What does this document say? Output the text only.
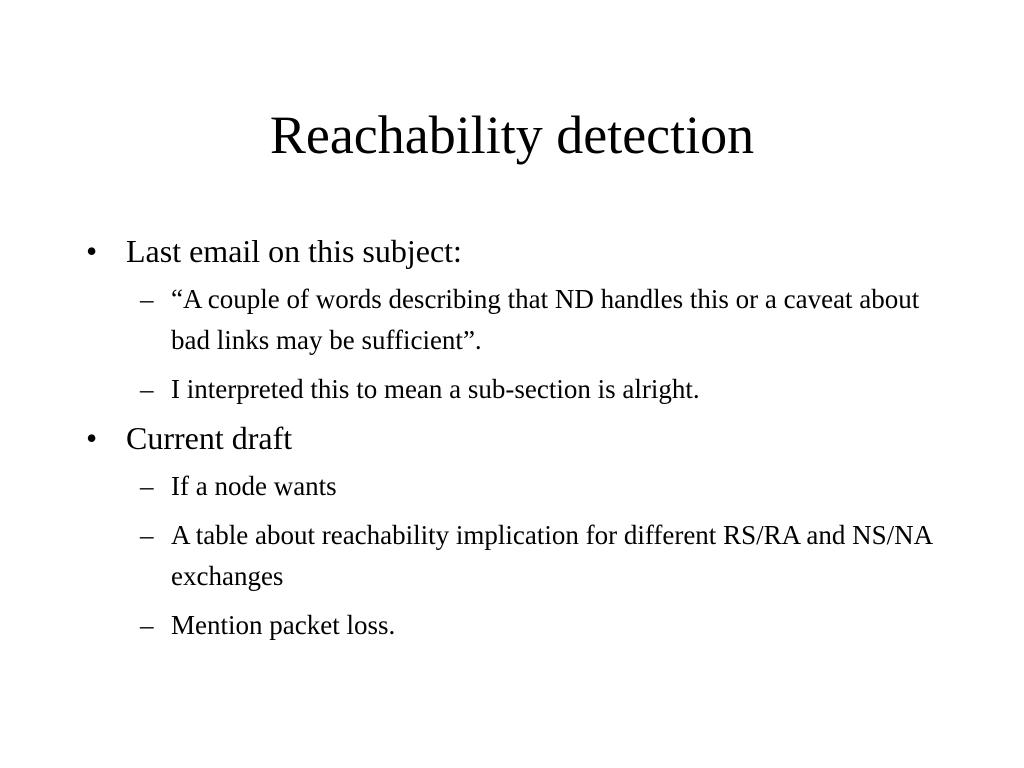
Reachability detection
• Last email on this subject:
– “A couple of words describing that ND handles this or a caveat about bad links may be sufficient”.
– I interpreted this to mean a sub-section is alright.
• Current draft
– If a node wants
– A table about reachability implication for different RS/RA and NS/NA exchanges
– Mention packet loss.
